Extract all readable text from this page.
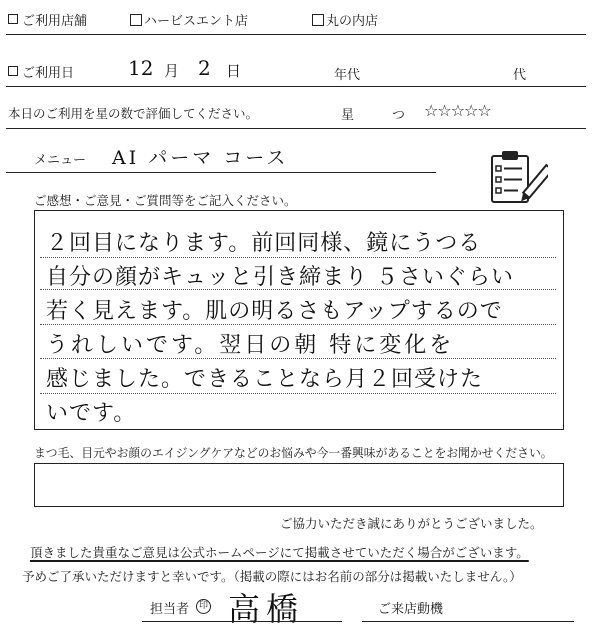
ご利用店舗	ハービスエント店	丸の内店
ご利用日	12 月 2 日	年代	代
本日のご利用を星の数で評価してください。	星	つ ☆☆☆☆☆
メニュー AI パーマ コース
ご感想・ご意見・ご質問等をご記入ください。
２回目になります。前回同様、鏡にうつる
自分の顔がキュッと引き締まり ５さいぐらい
若く見えます。肌の明るさもアップするので
うれしいです。翌日の朝 特に変化を
感じました。できることなら月２回受けた
いです。
まつ毛、目元やお顔のエイジングケアなどのお悩みや今一番興味があることをお聞かせください。
ご協力いただき誠にありがとうございました。
頂きました貴重なご意見は公式ホームページにて掲載させていただく場合がございます。
予めご了承いただけますと幸いです。（掲載の際にはお名前の部分は掲載いたしません。）
担当者	印 高橋	ご来店動機
